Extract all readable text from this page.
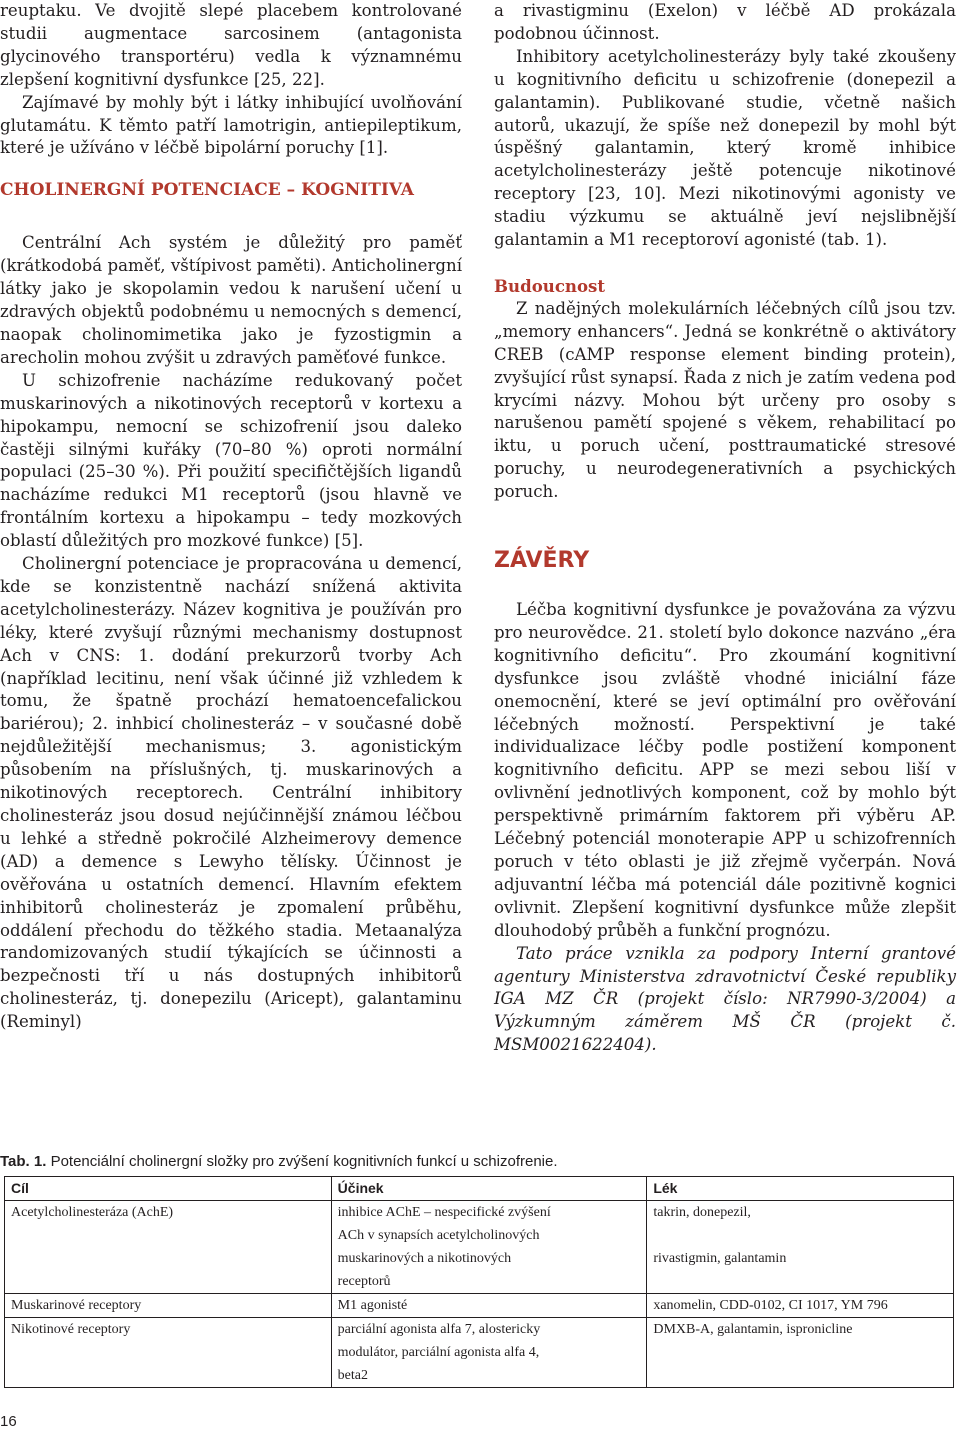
reuptaku. Ve dvojitě slepé placebem kontrolované studii augmentace sarcosinem (antagonista glycinového transportéru) vedla k významnému zlepšení kognitivní dysfunkce [25, 22].

Zajímavé by mohly být i látky inhibující uvolňování glutamátu. K těmto patří lamotrigin, antiepileptikum, které je užíváno v léčbě bipolární poruchy [1].

CHOLINERGNÍ POTENCIACE – KOGNITIVA

Centrální Ach systém je důležitý pro paměť (krátkodobá paměť, vštípivost paměti). Anticholinergní látky jako je skopolamin vedou k narušení učení u zdravých objektů podobnému u nemocných s demencí, naopak cholinomimetika jako je fyzostigmin a arecholin mohou zvýšit u zdravých paměťové funkce.

U schizofrenie nacházíme redukovaný počet muskarinových a nikotinových receptorů v kortexu a hipokampu, nemocní se schizofrenií jsou daleko častěji silnými kuřáky (70–80 %) oproti normální populaci (25–30 %). Při použití specifičtějších ligandů nacházíme redukci M1 receptorů (jsou hlavně ve frontálním kortexu a hipokampu – tedy mozkových oblastí důležitých pro mozkové funkce) [5].

Cholinergní potenciace je propracována u demencí, kde se konzistentně nachází snížená aktivita acetylcholinesterázy. Název kognitiva je používán pro léky, které zvyšují různými mechanismy dostupnost Ach v CNS: 1. dodání prekurzorů tvorby Ach (například lecitinu, není však účinné již vzhledem k tomu, že špatně prochází hematoencefalickou bariérou); 2. inhbicí cholinesteráz – v současné době nejdůležitější mechanismus; 3. agonistickým působením na příslušných, tj. muskarinových a nikotinových receptorech. Centrální inhibitory cholinesteráz jsou dosud nejúčinnější známou léčbou u lehké a středně pokročilé Alzheimerovy demence (AD) a demence s Lewyho tělísky. Účinnost je ověřována u ostatních demencí. Hlavním efektem inhibitorů cholinesteráz je zpomalení průběhu, oddálení přechodu do těžkého stadia. Metaanalýza randomizovaných studií týkajících se účinnosti a bezpečnosti tří u nás dostupných inhibitorů cholinesteráz, tj. donepezilu (Aricept), galantaminu (Reminyl)

a rivastigminu (Exelon) v léčbě AD prokázala podobnou účinnost.

Inhibitory acetylcholinesterázy byly také zkoušeny u kognitivního deficitu u schizofrenie (donepezil a galantamin). Publikované studie, včetně našich autorů, ukazují, že spíše než donepezil by mohl být úspěšný galantamin, který kromě inhibice acetylcholinesterázy ještě potencuje nikotinové receptory [23, 10]. Mezi nikotinovými agonisty ve stadiu výzkumu se aktuálně jeví nejslibnější galantamin a M1 receptoroví agonisté (tab. 1).

Budoucnost

Z nadějných molekulárních léčebných cílů jsou tzv. „memory enhancers“. Jedná se konkrétně o aktivátory CREB (cAMP response element binding protein), zvyšující růst synapsí. Řada z nich je zatím vedena pod krycími názvy. Mohou být určeny pro osoby s narušenou pamětí spojené s věkem, rehabilitací po iktu, u poruch učení, posttraumatické stresové poruchy, u neurodegenerativních a psychických poruch.

ZÁVĚRY

Léčba kognitivní dysfunkce je považována za výzvu pro neurovědce. 21. století bylo dokonce nazváno „éra kognitivního deficitu“. Pro zkoumání kognitivní dysfunkce jsou zvláště vhodné iniciální fáze onemocnění, které se jeví optimální pro ověřování léčebných možností. Perspektivní je také individualizace léčby podle postižení komponent kognitivního deficitu. APP se mezi sebou liší v ovlivnění jednotlivých komponent, což by mohlo být perspektivně primárním faktorem při výběru AP. Léčebný potenciál monoterapie APP u schizofrenních poruch v této oblasti je již zřejmě vyčerpán. Nová adjuvantní léčba má potenciál dále pozitivně kognici ovlivnit. Zlepšení kognitivní dysfunkce může zlepšit dlouhodobý průběh a funkční prognózu.

Tato práce vznikla za podpory Interní grantové agentury Ministerstva zdravotnictví České republiky IGA MZ ČR (projekt číslo: NR7990-3/2004) a Výzkumným záměrem MŠ ČR (projekt č. MSM0021622404).

Tab. 1. Potenciální cholinergní složky pro zvýšení kognitivních funkcí u schizofrenie.
Cíl	Účinek	Lék
Acetylcholinesteráza (AchE)	inhibice AChE – nespecifické zvýšení
ACh v synapsích acetylcholinových
muskarinových a nikotinových
receptorů	takrin, donepezil,

rivastigmin, galantamin

Muskarinové receptory	M1 agonisté	xanomelin, CDD-0102, CI 1017, YM 796
Nikotinové receptory	parciální agonista alfa 7, alostericky
modulátor, parciální agonista alfa 4,
beta2	DMXB-A, galantamin, ispronicline
16
